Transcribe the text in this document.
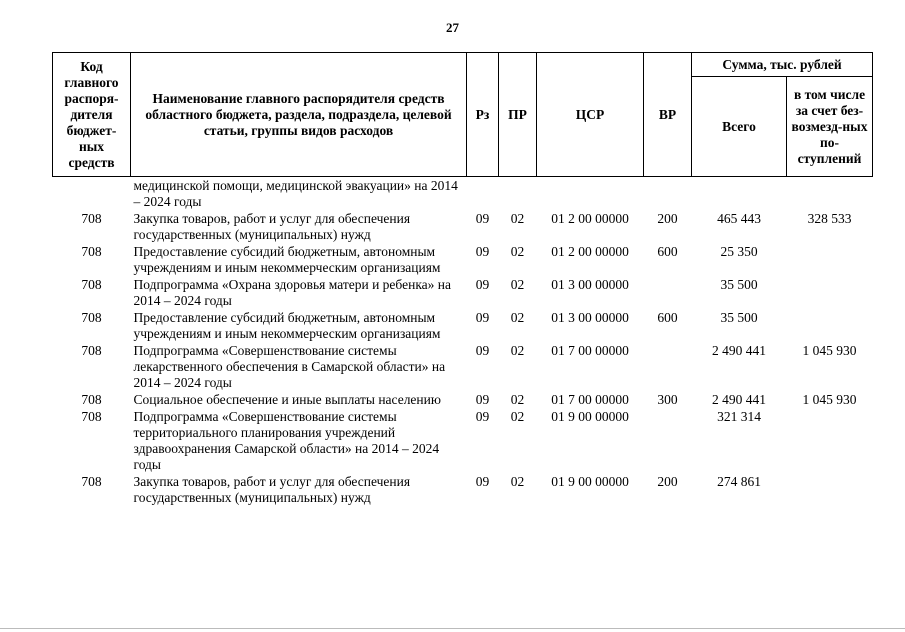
27
Код главного распоря-дителя бюджет-ных средств	Наименование главного распорядителя средств областного бюджета, раздела, подраздела, целевой статьи, группы видов расходов	Рз	ПР	ЦСР	ВР	Сумма, тыс. рублей	
						Всего	в том числе за счет без-возмезд-ных по-ступлений
	медицинской помощи, медицинской эвакуации» на 2014 – 2024 годы						
708	Закупка товаров, работ и услуг для обеспечения государственных (муниципальных) нужд	09	02	01 2 00 00000	200	465 443	328 533
708	Предоставление субсидий бюджетным, автономным учреждениям и иным некоммерческим организациям	09	02	01 2 00 00000	600	25 350	
708	Подпрограмма «Охрана здоровья матери и ребенка» на 2014 – 2024 годы	09	02	01 3 00 00000		35 500	
708	Предоставление субсидий бюджетным, автономным учреждениям и иным некоммерческим организациям	09	02	01 3 00 00000	600	35 500	
708	Подпрограмма «Совершенствование системы лекарственного обеспечения в Самарской области» на 2014 – 2024 годы	09	02	01 7 00 00000		2 490 441	1 045 930
708	Социальное обеспечение и иные выплаты населению	09	02	01 7 00 00000	300	2 490 441	1 045 930
708	Подпрограмма «Совершенствование системы территориального планирования учреждений здравоохранения Самарской области» на 2014 – 2024 годы	09	02	01 9 00 00000		321 314	
708	Закупка товаров, работ и услуг для обеспечения государственных (муниципальных) нужд	09	02	01 9 00 00000	200	274 861	
